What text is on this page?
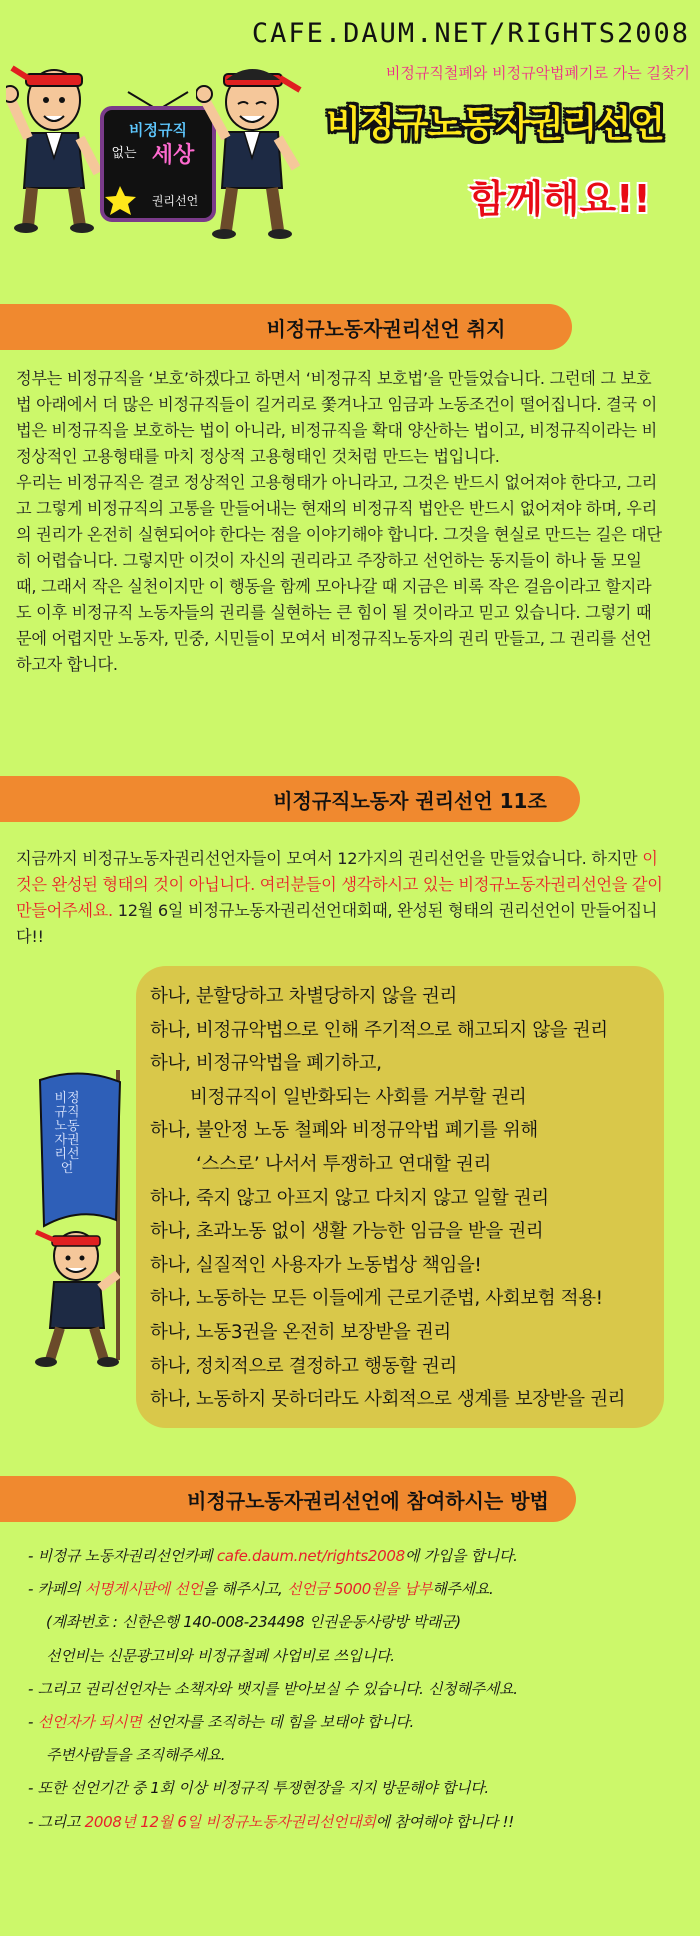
CAFE.DAUM.NET/RIGHTS2008
비정규직철폐와 비정규악법폐기로 가는 길찾기
비정규노동자권리선언
함께해요!!
비정규직
없는 세상
권리선언
비정규노동자권리선언 취지

정부는 비정규직을 ‘보호’하겠다고 하면서 ‘비정규직 보호법’을 만들었습니다. 그런데 그 보호법 아래에서 더 많은 비정규직들이 길거리로 쫓겨나고 임금과 노동조건이 떨어집니다. 결국 이 법은 비정규직을 보호하는 법이 아니라, 비정규직을 확대 양산하는 법이고, 비정규직이라는 비정상적인 고용형태를 마치 정상적 고용형태인 것처럼 만드는 법입니다.

우리는 비정규직은 결코 정상적인 고용형태가 아니라고, 그것은 반드시 없어져야 한다고, 그리고 그렇게 비정규직의 고통을 만들어내는 현재의 비정규직 법안은 반드시 없어져야 하며, 우리의 권리가 온전히 실현되어야 한다는 점을 이야기해야 합니다. 그것을 현실로 만드는 길은 대단히 어렵습니다. 그렇지만 이것이 자신의 권리라고 주장하고 선언하는 동지들이 하나 둘 모일 때, 그래서 작은 실천이지만 이 행동을 함께 모아나갈 때 지금은 비록 작은 걸음이라고 할지라도 이후 비정규직 노동자들의 권리를 실현하는 큰 힘이 될 것이라고 믿고 있습니다. 그렇기 때문에 어렵지만 노동자, 민중, 시민들이 모여서 비정규직노동자의 권리 만들고, 그 권리를 선언하고자 합니다.

비정규직노동자 권리선언 11조
지금까지 비정규노동자권리선언자들이 모여서 12가지의 권리선언을 만들었습니다. 하지만 이것은 완성된 형태의 것이 아닙니다. 여러분들이 생각하시고 있는 비정규노동자권리선언을 같이 만들어주세요. 12월 6일 비정규노동자권리선언대회때, 완성된 형태의 권리선언이 만들어집니다!!
비정규직노동자권리선언
하나, 분할당하고 차별당하지 않을 권리
하나, 비정규악법으로 인해 주기적으로 해고되지 않을 권리
하나, 비정규악법을 폐기하고,
비정규직이 일반화되는 사회를 거부할 권리
하나, 불안정 노동 철폐와 비정규악법 폐기를 위해
‘스스로’ 나서서 투쟁하고 연대할 권리
하나, 죽지 않고 아프지 않고 다치지 않고 일할 권리
하나, 초과노동 없이 생활 가능한 임금을 받을 권리
하나, 실질적인 사용자가 노동법상 책임을!
하나, 노동하는 모든 이들에게 근로기준법, 사회보험 적용!
하나, 노동3권을 온전히 보장받을 권리
하나, 정치적으로 결정하고 행동할 권리
하나, 노동하지 못하더라도 사회적으로 생계를 보장받을 권리
비정규노동자권리선언에 참여하시는 방법
- 비정규 노동자권리선언카페 cafe.daum.net/rights2008에 가입을 합니다.
- 카페의 서명게시판에 선언을 해주시고, 선언금 5000원을 납부해주세요.
(계좌번호 : 신한은행 140-008-234498 인권운동사랑방 박래군)
선언비는 신문광고비와 비정규철폐 사업비로 쓰입니다.
- 그리고 권리선언자는 소책자와 뱃지를 받아보실 수 있습니다. 신청해주세요.
- 선언자가 되시면 선언자를 조직하는 데 힘을 보태야 합니다.
주변사람들을 조직해주세요.
- 또한 선언기간 중 1회 이상 비정규직 투쟁현장을 지지 방문해야 합니다.
- 그리고 2008년 12월 6일 비정규노동자권리선언대회에 참여해야 합니다 !!
